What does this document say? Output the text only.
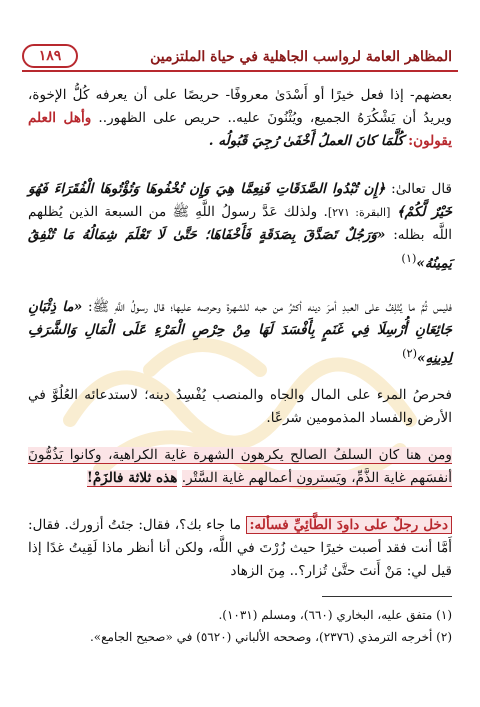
المظاهر العامة لرواسب الجاهلية في حياة الملتزمين
١٨٩
بعضهم- إذا فعل خيرًا أو أَسْدَىٰ معروفًا- حريصًا على أن يعرفه كُلُّ الإخوة، ويريدُ أن يَشْكُرَهُ الجميع، ويُثْنُونَ عليه.. حريص على الظهور.. وأهل العلم يقولون: كُلَّمَا كانَ العملُ أَخْفَىٰ رُجِيَ قَبُولُه .
قال تعالىٰ: ﴿إِن تُبْدُوا الصَّدَقَاتِ فَنِعِمَّا هِيَ وَإِن تُخْفُوهَا وَتُؤْتُوهَا الْفُقَرَاءَ فَهُوَ خَيْرٌ لَّكُمْ﴾ [البقرة: ٢٧١]. ولذلك عَدَّ رسولُ اللَّهِ ﷺ من السبعة الذين يُظلهم اللَّه بظله: «وَرَجُلٌ تَصَدَّقَ بِصَدَقَةٍ فَأَخْفَاهَا؛ حَتَّىٰ لَا تَعْلَمَ شِمَالُهُ مَا تُنْفِقُ يَمِينُهُ»$^{(١)}$
فليس ثُمَّ ما يُتْلِفُ على العبدِ أمرَ دينه أكثرُ من حبه للشهرة وحرصه عليها؛ قال رسولُ اللَّهِ ﷺ: «ما ذِئْبَانِ جَائِعَانِ أُرْسِلَا فِي غَنَمٍ بِأَفْسَدَ لَهَا مِنْ حِرْصِ الْمَرْءِ عَلَى الْمَالِ وَالشَّرَفِ لِدِينِهِ»$^{(٢)}$
فحرصُ المرء على المال والجاه والمنصب يُفْسِدُ دينه؛ لاستدعائه العُلُوَّ في الأرض والفساد المذمومين شرعًا.
ومن هنا كان السلفُ الصالح يكرهون الشهرة غاية الكراهية، وكانوا يَذُمُّونَ أنفسَهم غاية الذَّمِّ، ويَسترون أعمالهم غاية السَّتْر. هذه ثلاثة فالزَمْ!
دخل رجلٌ على داودَ الطَّائِيِّ فسأله: ما جاء بك؟، فقال: جئتُ أزورك. فقال: أَمَّا أنت فقد أصبت خيرًا حيث زُرْتَ في اللَّه، ولكن أنا أنظر ماذا لَقِيتُ غدًا إذا قيل لي: مَنْ أَنتَ حتَّىٰ تُزار؟.. مِنَ الزهاد
(١) متفق عليه، البخاري (٦٦٠)، ومسلم (١٠٣١).
(٢) أخرجه الترمذي (٢٣٧٦)، وصححه الألباني (٥٦٢٠) في «صحيح الجامع».
